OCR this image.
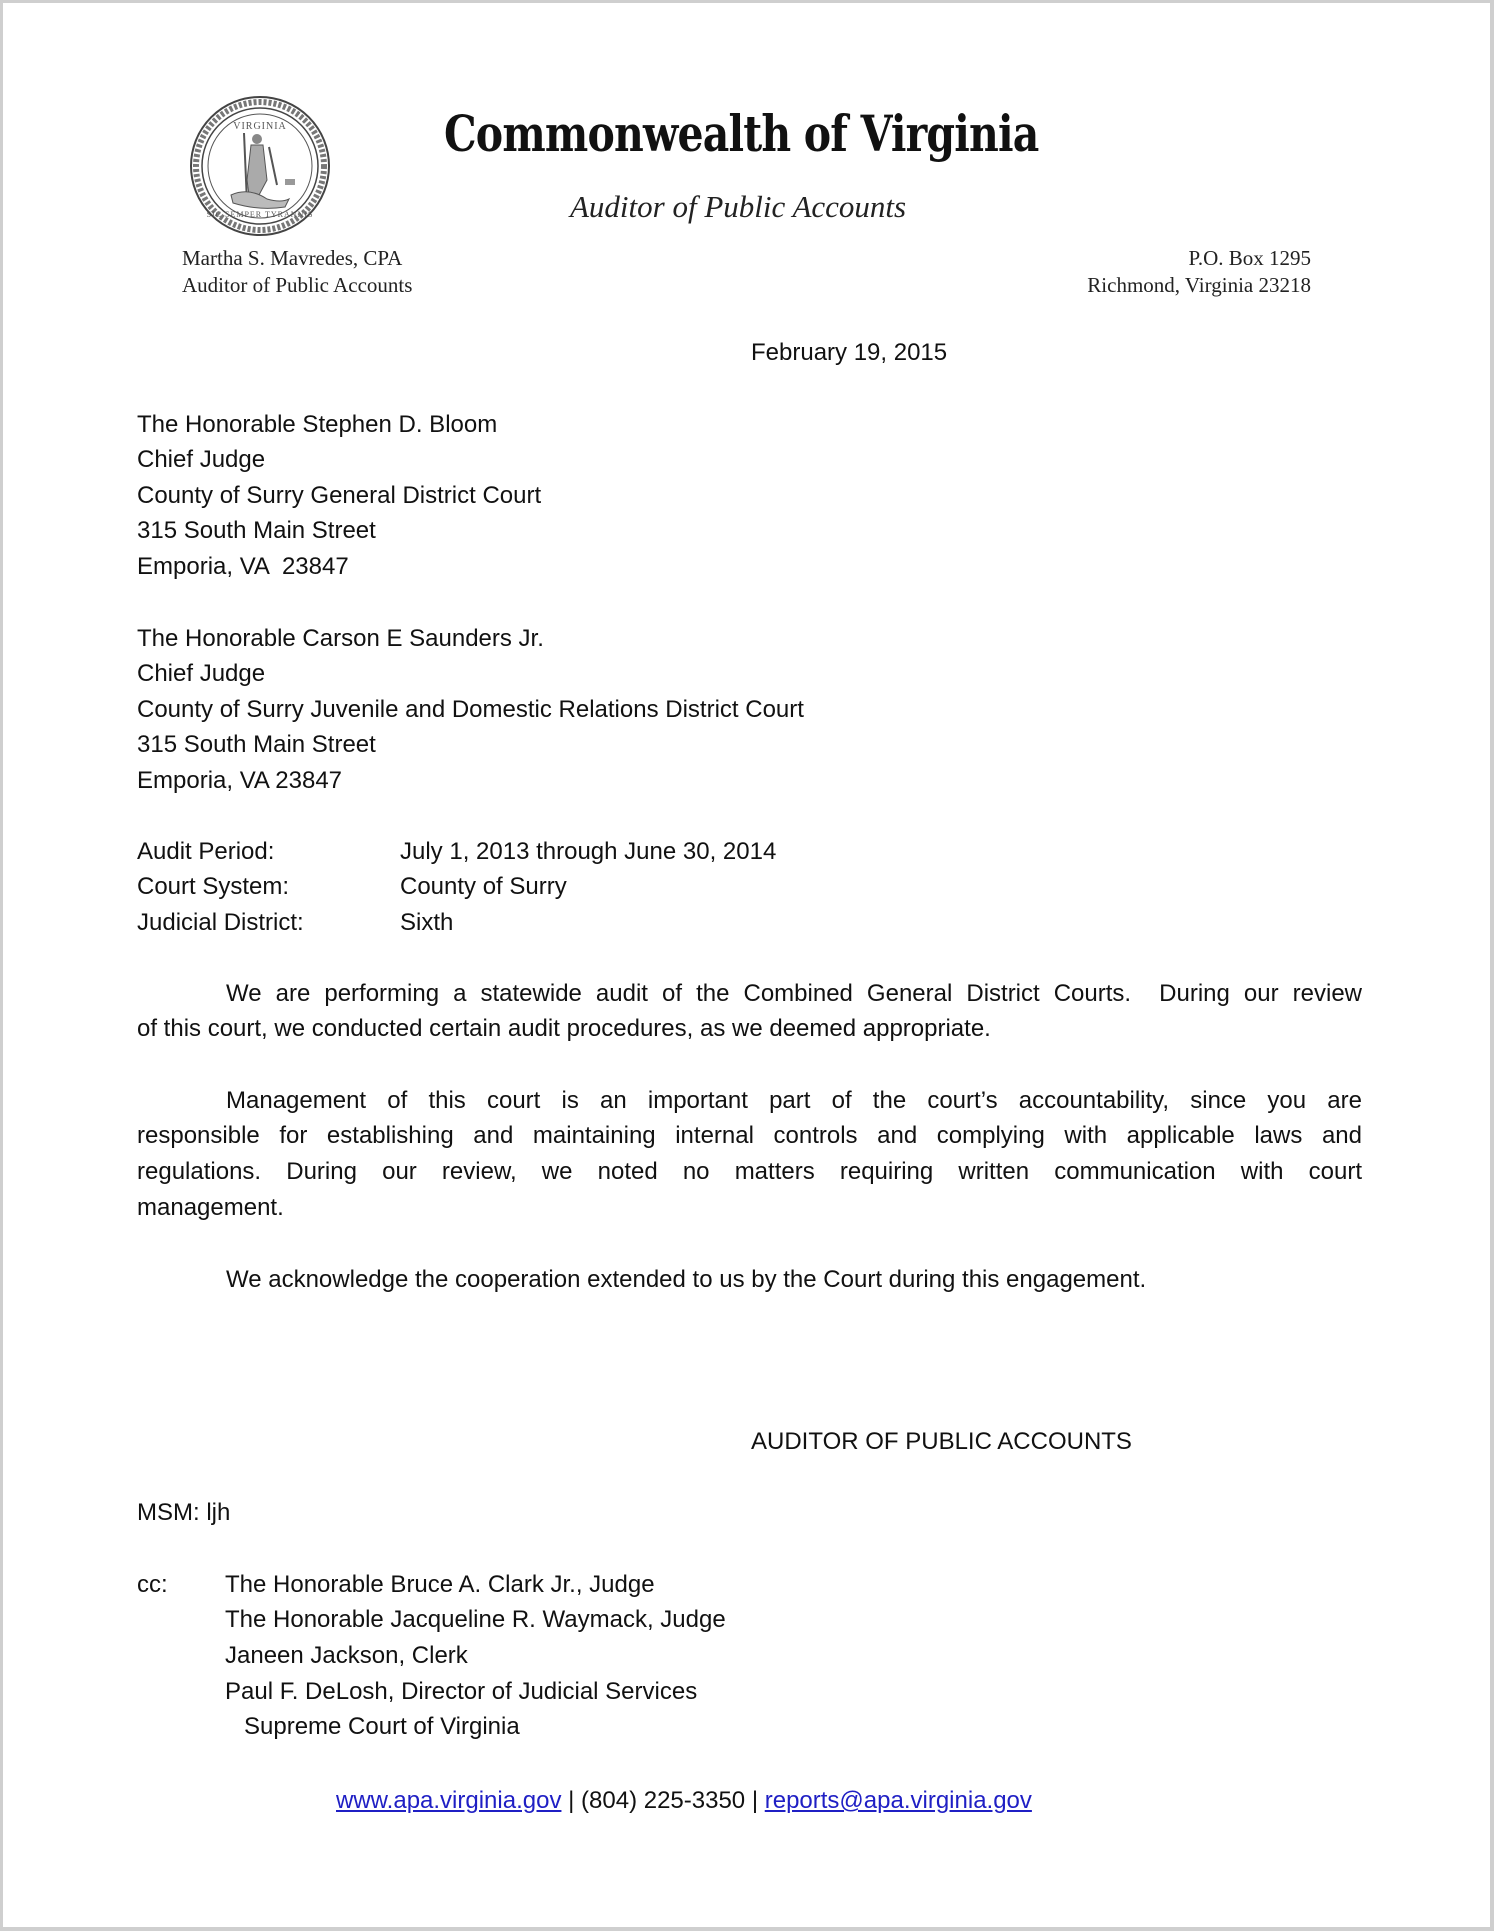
VIRGINIA
SIC SEMPER TYRANNIS
Commonwealth of Virginia
Auditor of Public Accounts
Martha S. Mavredes, CPA
Auditor of Public Accounts
P.O. Box 1295
Richmond, Virginia 23218
February 19, 2015
The Honorable Stephen D. Bloom
Chief Judge
County of Surry General District Court
315 South Main Street
Emporia, VA  23847
The Honorable Carson E Saunders Jr.
Chief Judge
County of Surry Juvenile and Domestic Relations District Court
315 South Main Street
Emporia, VA 23847
Audit Period:	July 1, 2013 through June 30, 2014
Court System:	County of Surry
Judicial District:	Sixth
We are performing a statewide audit of the Combined General District Courts.  During our review
of this court, we conducted certain audit procedures, as we deemed appropriate.
Management of this court is an important part of the court’s accountability, since you are
responsible for establishing and maintaining internal controls and complying with applicable laws and
regulations. During our review, we noted no matters requiring written communication with court
management.
We acknowledge the cooperation extended to us by the Court during this engagement.
AUDITOR OF PUBLIC ACCOUNTS
MSM: ljh
cc: The Honorable Bruce A. Clark Jr., Judge
The Honorable Jacqueline R. Waymack, Judge
Janeen Jackson, Clerk
Paul F. DeLosh, Director of Judicial Services
Supreme Court of Virginia
www.apa.virginia.gov | (804) 225-3350 | reports@apa.virginia.gov
